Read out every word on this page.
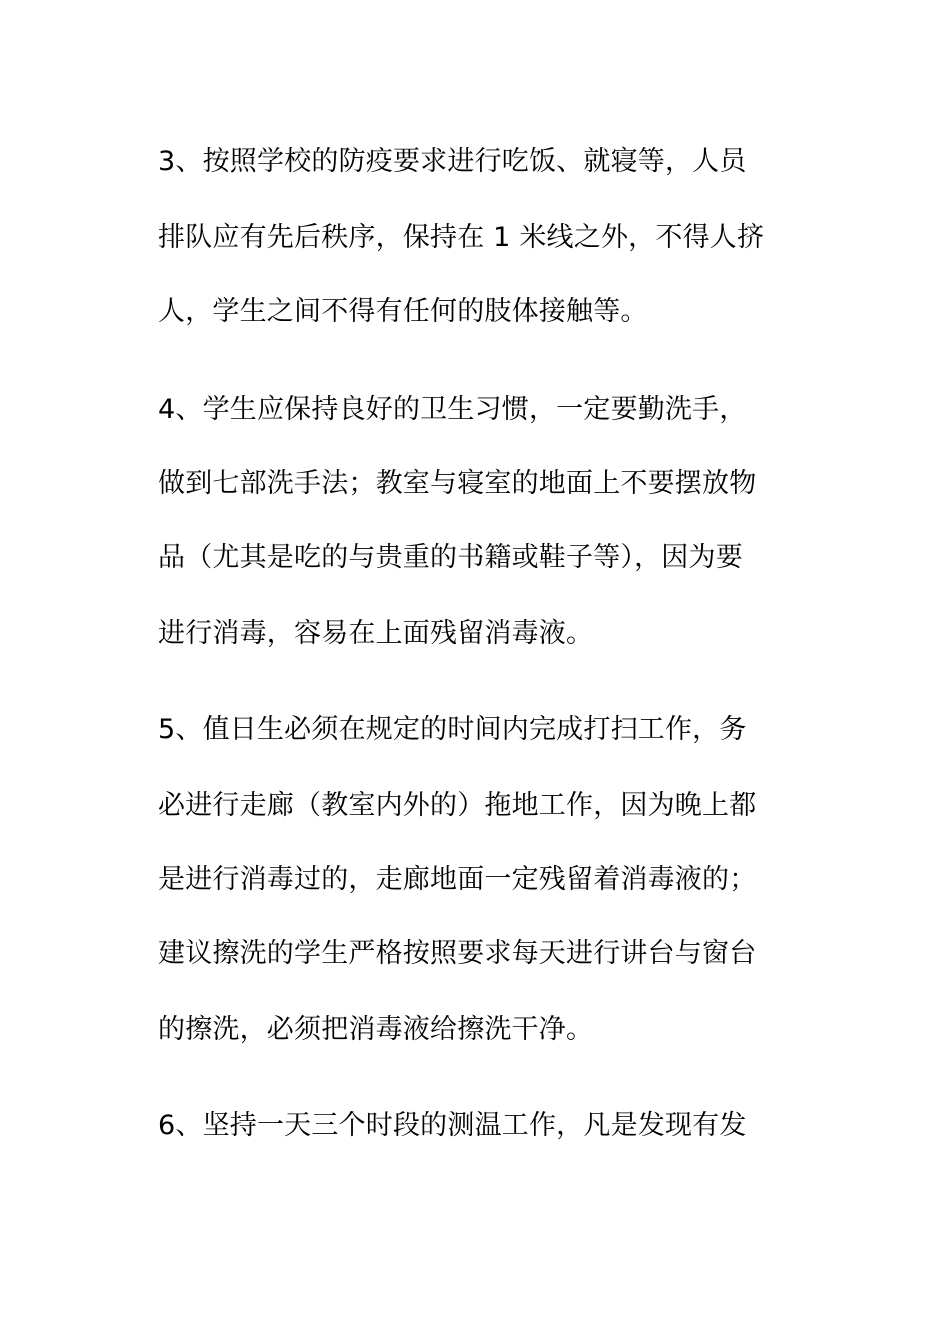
3、按照学校的防疫要求进行吃饭、就寝等，人员
排队应有先后秩序，保持在 1 米线之外，不得人挤
人，学生之间不得有任何的肢体接触等。
4、学生应保持良好的卫生习惯，一定要勤洗手，
做到七部洗手法；教室与寝室的地面上不要摆放物
品（尤其是吃的与贵重的书籍或鞋子等），因为要
进行消毒，容易在上面残留消毒液。
5、值日生必须在规定的时间内完成打扫工作，务
必进行走廊（教室内外的）拖地工作，因为晚上都
是进行消毒过的，走廊地面一定残留着消毒液的；
建议擦洗的学生严格按照要求每天进行讲台与窗台
的擦洗，必须把消毒液给擦洗干净。
6、坚持一天三个时段的测温工作，凡是发现有发
